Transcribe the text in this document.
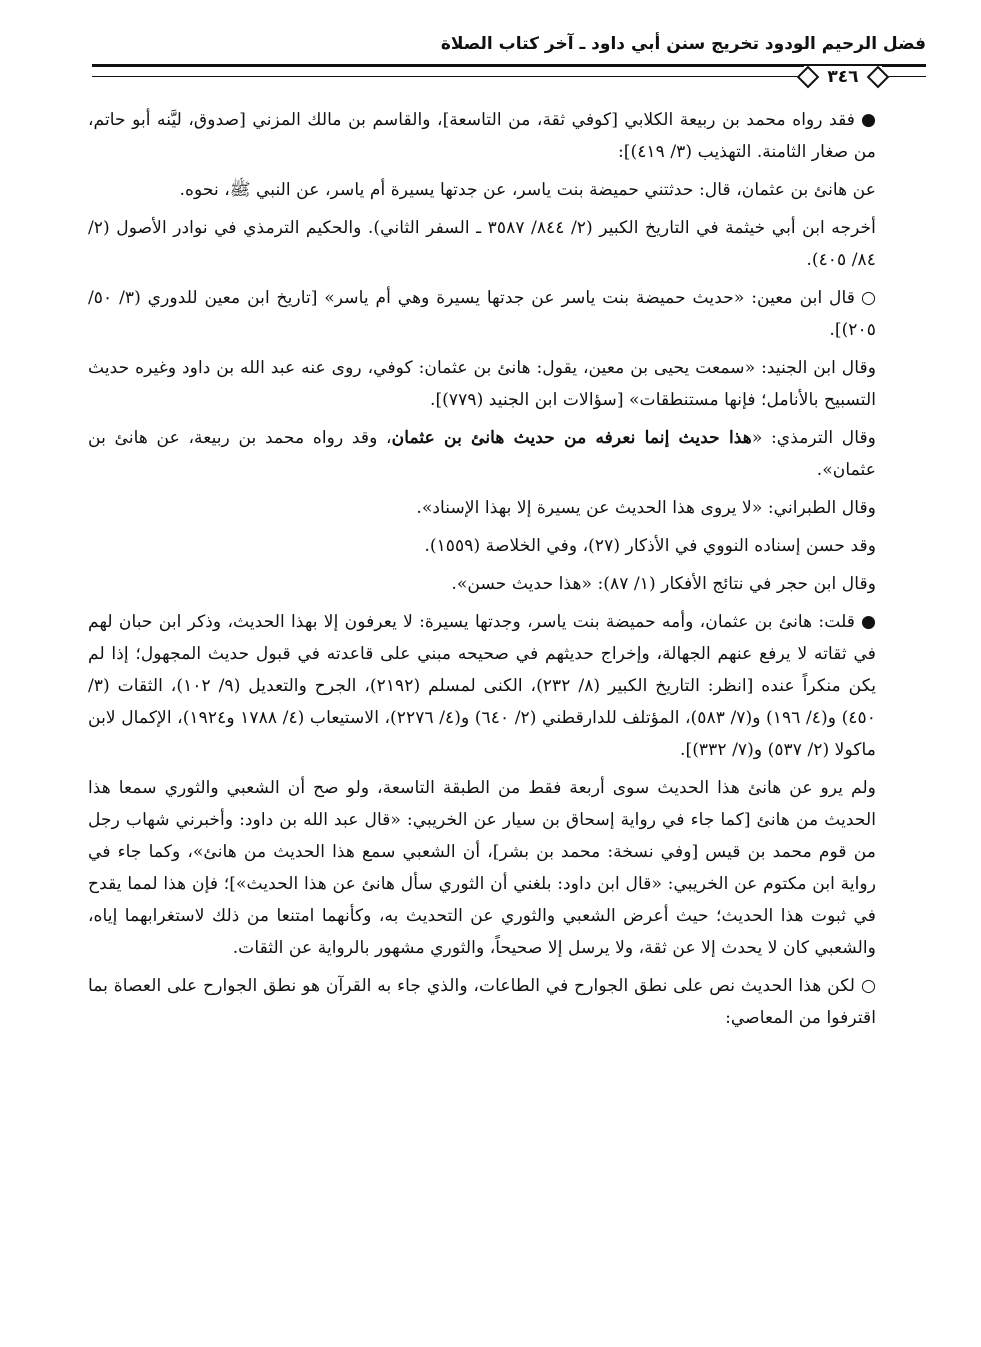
فضل الرحيم الودود تخريج سنن أبي داود ـ آخر كتاب الصلاة
٣٤٦

●فقد رواه محمد بن ربيعة الكلابي [كوفي ثقة، من التاسعة]، والقاسم بن مالك المزني [صدوق، ليَّنه أبو حاتم، من صغار الثامنة. التهذيب (٣/ ٤١٩)]:

عن هانئ بن عثمان، قال: حدثتني حميضة بنت ياسر، عن جدتها يسيرة أم ياسر، عن النبي ﷺ، نحوه.

أخرجه ابن أبي خيثمة في التاريخ الكبير (٢/ ٨٤٤/ ٣٥٨٧ ـ السفر الثاني). والحكيم الترمذي في نوادر الأصول (٢/ ٨٤/ ٤٠٥).

○قال ابن معين: «حديث حميضة بنت ياسر عن جدتها يسيرة وهي أم ياسر» [تاريخ ابن معين للدوري (٣/ ٥٠/ ٢٠٥)].

وقال ابن الجنيد: «سمعت يحيى بن معين، يقول: هانئ بن عثمان: كوفي، روى عنه عبد الله بن داود وغيره حديث التسبيح بالأنامل؛ فإنها مستنطقات» [سؤالات ابن الجنيد (٧٧٩)].

وقال الترمذي: «هذا حديث إنما نعرفه من حديث هانئ بن عثمان، وقد رواه محمد بن ربيعة، عن هانئ بن عثمان».

وقال الطبراني: «لا يروى هذا الحديث عن يسيرة إلا بهذا الإسناد».

وقد حسن إسناده النووي في الأذكار (٢٧)، وفي الخلاصة (١٥٥٩).

وقال ابن حجر في نتائج الأفكار (١/ ٨٧): «هذا حديث حسن».

●قلت: هانئ بن عثمان، وأمه حميضة بنت ياسر، وجدتها يسيرة: لا يعرفون إلا بهذا الحديث، وذكر ابن حبان لهم في ثقاته لا يرفع عنهم الجهالة، وإخراج حديثهم في صحيحه مبني على قاعدته في قبول حديث المجهول؛ إذا لم يكن منكراً عنده [انظر: التاريخ الكبير (٨/ ٢٣٢)، الكنى لمسلم (٢١٩٢)، الجرح والتعديل (٩/ ١٠٢)، الثقات (٣/ ٤٥٠) و(٤/ ١٩٦) و(٧/ ٥٨٣)، المؤتلف للدارقطني (٢/ ٦٤٠) و(٤/ ٢٢٧٦)، الاستيعاب (٤/ ١٧٨٨ و١٩٢٤)، الإكمال لابن ماكولا (٢/ ٥٣٧) و(٧/ ٣٣٢)].

ولم يرو عن هانئ هذا الحديث سوى أربعة فقط من الطبقة التاسعة، ولو صح أن الشعبي والثوري سمعا هذا الحديث من هانئ [كما جاء في رواية إسحاق بن سيار عن الخريبي: «قال عبد الله بن داود: وأخبرني شهاب رجل من قوم محمد بن قيس [وفي نسخة: محمد بن بشر]، أن الشعبي سمع هذا الحديث من هانئ»، وكما جاء في رواية ابن مكتوم عن الخريبي: «قال ابن داود: بلغني أن الثوري سأل هانئ عن هذا الحديث»]؛ فإن هذا لمما يقدح في ثبوت هذا الحديث؛ حيث أعرض الشعبي والثوري عن التحديث به، وكأنهما امتنعا من ذلك لاستغرابهما إياه، والشعبي كان لا يحدث إلا عن ثقة، ولا يرسل إلا صحيحاً، والثوري مشهور بالرواية عن الثقات.

○لكن هذا الحديث نص على نطق الجوارح في الطاعات، والذي جاء به القرآن هو نطق الجوارح على العصاة بما اقترفوا من المعاصي:
